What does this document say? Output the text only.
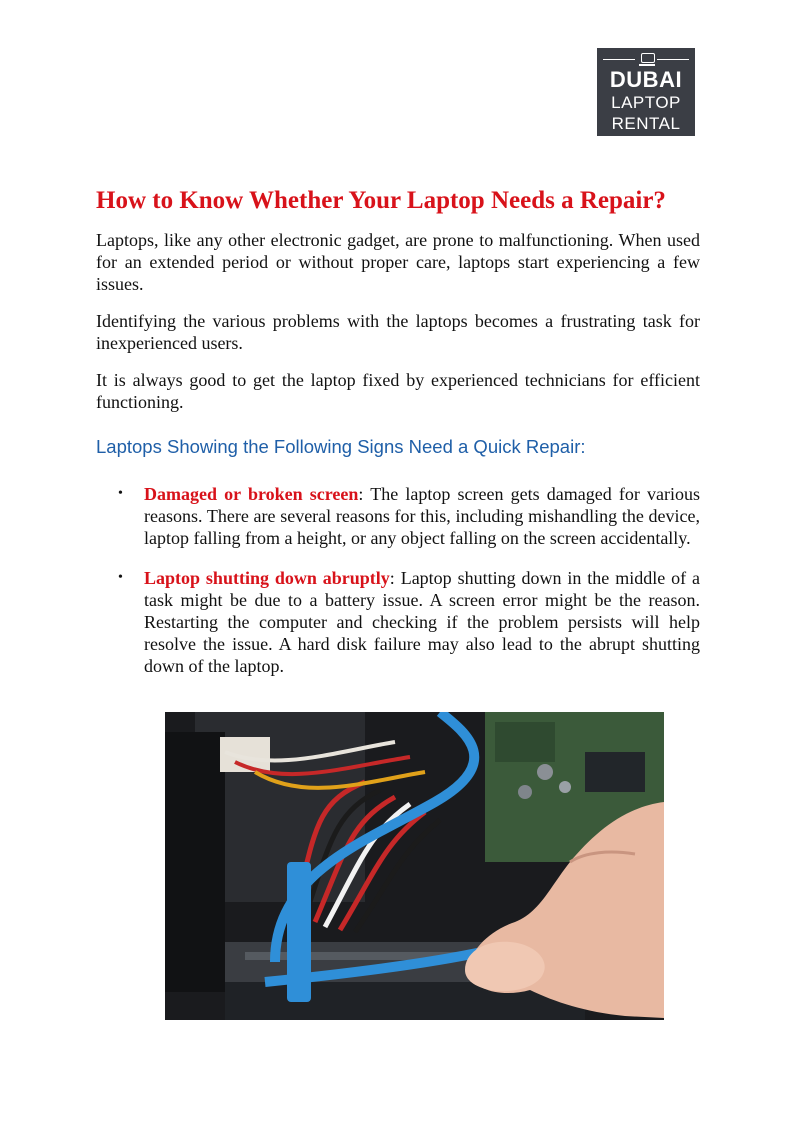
DUBAI
LAPTOP
RENTAL
How to Know Whether Your Laptop Needs a Repair?

Laptops, like any other electronic gadget, are prone to malfunctioning. When used for an extended period or without proper care, laptops start experiencing a few issues.

Identifying the various problems with the laptops becomes a frustrating task for inexperienced users.

It is always good to get the laptop fixed by experienced technicians for efficient functioning.

Laptops Showing the Following Signs Need a Quick Repair:
• Damaged or broken screen: The laptop screen gets damaged for various reasons. There are several reasons for this, including mishandling the device, laptop falling from a height, or any object falling on the screen accidentally.
• Laptop shutting down abruptly: Laptop shutting down in the middle of a task might be due to a battery issue. A screen error might be the reason. Restarting the computer and checking if the problem persists will help resolve the issue. A hard disk failure may also lead to the abrupt shutting down of the laptop.
